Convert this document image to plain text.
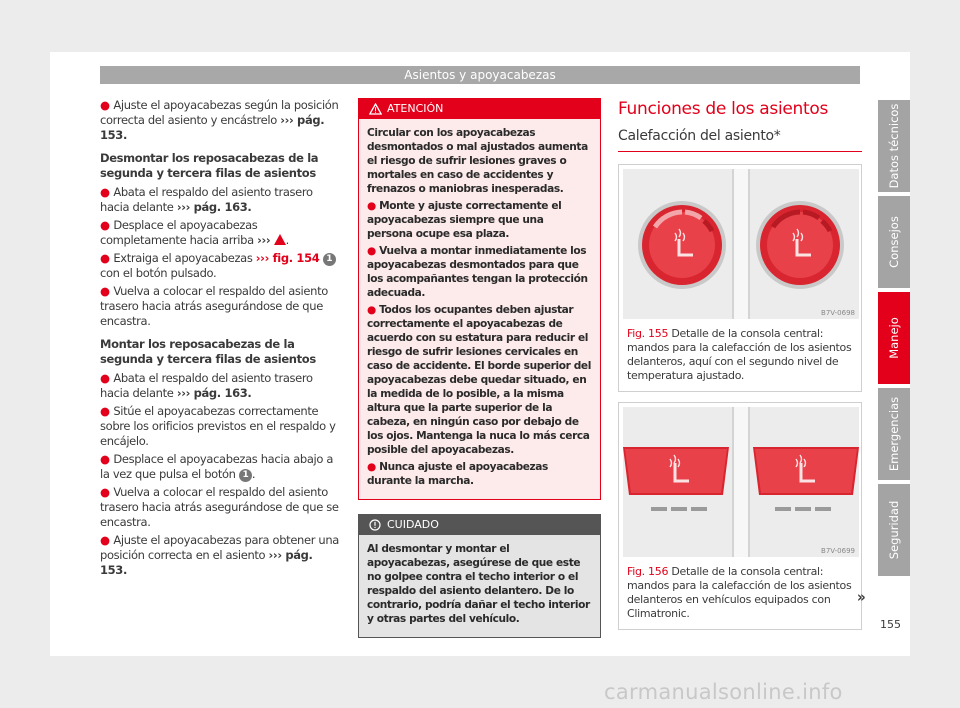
Asientos y apoyacabezas

● Ajuste el apoyacabezas según la posición correcta del asiento y encástrelo ››› pág. 153.

Desmontar los reposacabezas de la segunda y tercera filas de asientos

● Abata el respaldo del asiento trasero hacia delante ››› pág. 163.

● Desplace el apoyacabezas completamente hacia arriba ››› .

● Extraiga el apoyacabezas ››› fig. 154 1 con el botón pulsado.

● Vuelva a colocar el respaldo del asiento trasero hacia atrás asegurándose de que encastra.

Montar los reposacabezas de la segunda y tercera filas de asientos

● Abata el respaldo del asiento trasero hacia delante ››› pág. 163.

● Sitúe el apoyacabezas correctamente sobre los orificios previstos en el respaldo y encájelo.

● Desplace el apoyacabezas hacia abajo a la vez que pulsa el botón 1 .

● Vuelva a colocar el respaldo del asiento trasero hacia atrás asegurándose de que se encastra.

● Ajuste el apoyacabezas para obtener una posición correcta en el asiento ››› pág. 153.

ATENCIÓN

Circular con los apoyacabezas desmontados o mal ajustados aumenta el riesgo de sufrir lesiones graves o mortales en caso de accidentes y frenazos o maniobras inesperadas.

● Monte y ajuste correctamente el apoyacabezas siempre que una persona ocupe esa plaza.

● Vuelva a montar inmediatamente los apoyacabezas desmontados para que los acompañantes tengan la protección adecuada.

● Todos los ocupantes deben ajustar correctamente el apoyacabezas de acuerdo con su estatura para reducir el riesgo de sufrir lesiones cervicales en caso de accidente. El borde superior del apoyacabezas debe quedar situado, en la medida de lo posible, a la misma altura que la parte superior de la cabeza, en ningún caso por debajo de los ojos. Mantenga la nuca lo más cerca posible del apoyacabezas.

● Nunca ajuste el apoyacabezas durante la marcha.

CUIDADO

Al desmontar y montar el apoyacabezas, asegúrese de que este no golpee contra el techo interior o el respaldo del asiento delantero. De lo contrario, podría dañar el techo interior y otras partes del vehículo.

Funciones de los asientos
Calefacción del asiento*
B7V-0698
Fig. 155 Detalle de la consola central: mandos para la calefacción de los asientos delanteros, aquí con el segundo nivel de temperatura ajustado.
B7V-0699
Fig. 156 Detalle de la consola central: mandos para la calefacción de los asientos delanteros en vehículos equipados con Climatronic.
»
Datos técnicos
Consejos
Manejo
Emergencias
Seguridad
155
carmanualsonline.info
